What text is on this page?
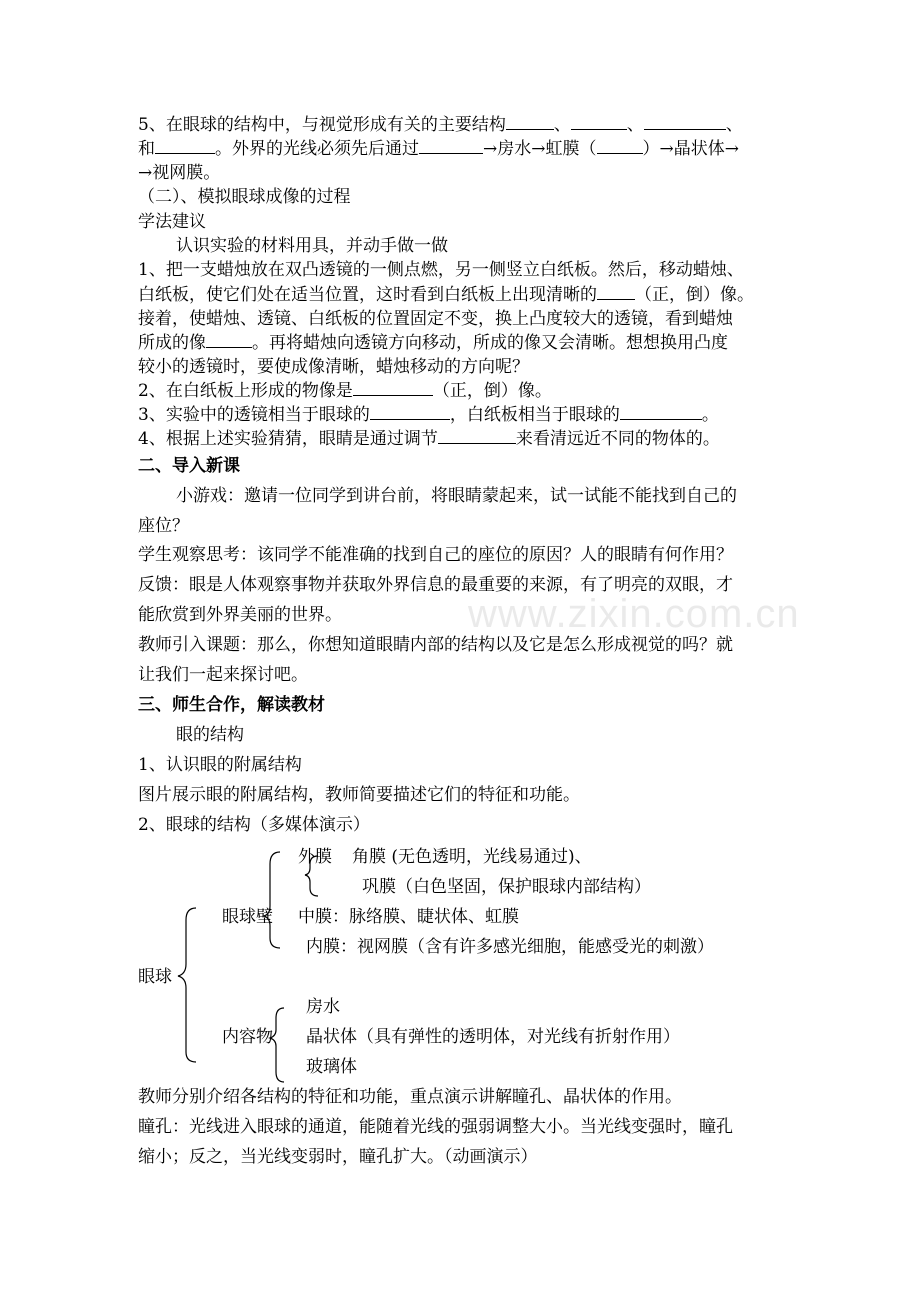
5、在眼球的结构中，与视觉形成有关的主要结构	、	、	、
和	。外界的光线必须先后通过	→房水→虹膜（	）→晶状体→
→视网膜。
（二）、模拟眼球成像的过程
学法建议
认识实验的材料用具，并动手做一做
1、把一支蜡烛放在双凸透镜的一侧点燃，另一侧竖立白纸板。然后，移动蜡烛、
白纸板，使它们处在适当位置，这时看到白纸板上出现清晰的 （正，倒）像。
接着，使蜡烛、透镜、白纸板的位置固定不变，换上凸度较大的透镜，看到蜡烛
所成的像	。再将蜡烛向透镜方向移动，所成的像又会清晰。想想换用凸度
较小的透镜时，要使成像清晰，蜡烛移动的方向呢？
2、在白纸板上形成的物像是	（正，倒）像。
3、实验中的透镜相当于眼球的	，白纸板相当于眼球的	。
4、根据上述实验猜猜，眼睛是通过调节	来看清远近不同的物体的。
二、导入新课
小游戏：邀请一位同学到讲台前，将眼睛蒙起来，试一试能不能找到自己的
座位？
学生观察思考：该同学不能准确的找到自己的座位的原因？人的眼睛有何作用？
反馈：眼是人体观察事物并获取外界信息的最重要的来源，有了明亮的双眼，才
能欣赏到外界美丽的世界。
教师引入课题：那么，你想知道眼睛内部的结构以及它是怎么形成视觉的吗？就
让我们一起来探讨吧。
三、师生合作，解读教材
眼的结构
1、认识眼的附属结构
图片展示眼的附属结构，教师简要描述它们的特征和功能。
2、眼球的结构（多媒体演示）
眼球
眼球壁
外膜 角膜 (无色透明，光线易通过)、
巩膜（白色坚固，保护眼球内部结构）
中膜：脉络膜、睫状体、虹膜
内膜：视网膜（含有许多感光细胞，能感受光的刺激）
房水
内容物 晶状体（具有弹性的透明体，对光线有折射作用）
玻璃体
教师分别介绍各结构的特征和功能，重点演示讲解瞳孔、晶状体的作用。
瞳孔：光线进入眼球的通道，能随着光线的强弱调整大小。当光线变强时，瞳孔
缩小；反之，当光线变弱时，瞳孔扩大。（动画演示）
www.zixin.com.cn
